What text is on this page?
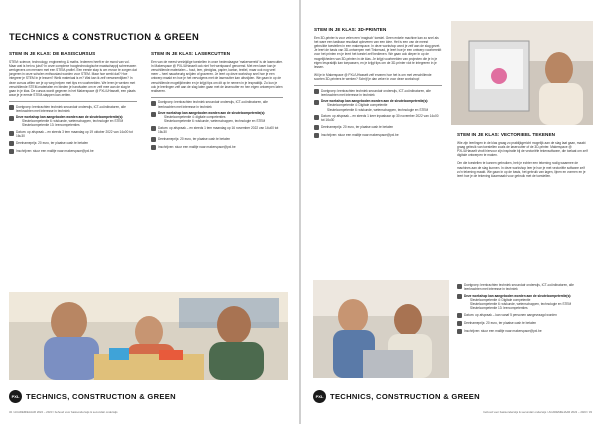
TECHNICS & CONSTRUCTION & GREEN
STEM IN JE KLAS: DE BASISCURSUS
STEM: science, technology, engineering & maths. Iedereen heeft er de mond van vol. Maar wat is het nu juist? In onze complexe hoogtechnologische maatschappij schreeuwen werkgevers om mensen met een STEM-profiel. Een eerste stap is om ervoor te zorgen dat jongeren in onze scholen enthousiast worden voor STEM. Maar hoe werkt dat? Hoe integreer je STEM in je lessen? Welk materiaal is er? Wat kan ik zelf verwezenlijken? In deze cursus willen we je op weg helpen met tips en voorbeelden. We leren je werken met verschillende STEM-materialen en bieden je handvaten om er zelf mee aan de slag te gaan in je klas. De cursus wordt gegeven in het Makerspace @ PXL/UHasselt, een plaats waar je je eerste STEM-stappen kan zetten.
Doelgroep: leerkrachten techniek secundair onderwijs, ICT-coördinatoren, alle leerkrachten met interesse in techniek
Deze workshop kan aangeboden worden aan de sleutelcompetentie(s):
Sleutelcompetentie 6: wiskunde, wetenschappen, technologie en STEM
Sleutelcompetentie 13: leercompetenties
Datum: op afspraak – en steeds 3 tem maandag op 19 oktober 2022 van 14u00 tot 16u30
Deelnameprijs: 20 euro, ter plaatse cash te betalen
Inschrijven: stuur een mailtje naar makerspace@pxl.be
STEM IN JE KLAS: LASERCUTTEN
Een van de meest veelzijdige toestellen in onze hedendaagse 'makerwereld' is de lasercutter. In Makerspace @ PXL/UHasselt ook niet 'het werkpaard' genoemd. Met een laser kan je verschillende materialen – hout, leer, plexiglas, papier, karton, textiel, maar ook nog veel meer – heel nauwkeurig snijden of graveren. Je leert op deze workshop snel hoe je een ontwerp maakt en hoe je het vervolgens met de lasercutter kan uitsnijden. We gaan in op de verschillende mogelijkheden en je krijgt tips om dit op te nemen in je lespraktijk. Zo kun je ook je leerlingen zelf aan de slag laten gaan met de lasercutter en hen eigen ontwerpen laten realiseren.
Doelgroep: leerkrachten techniek secundair onderwijs, ICT-coördinatoren, alle leerkrachten met interesse in techniek
Deze workshop kan aangeboden worden aan de sleutelcompetentie(s):
Sleutelcompetentie 4: digitale competenties
Sleutelcompetentie 6: wiskunde, wetenschappen, technologie en STEM
Datum: op afspraak – en steeds 1 tem maandag op 16 november 2022 van 14u00 tot 16u30
Deelnameprijs: 20 euro, ter plaatse cash te betalen
Inschrijven: stuur een mailtje naar makerspace@pxl.be
PXL TECHNICS, CONSTRUCTION & GREEN
32 / ACADEMIEJAAR 2022 – 2023 / behoud voor basisonderwijs & secundair onderwijs
STEM IN JE KLAS: 3D-PRINTEN
Een 3D-printer is voor velen een 'magisch' toestel. Geen enkele machine kan zo snel als het ware een tastbaar resultaat opleveren van een idee. Het is een van de meest gebruikte toestellen in een makerspace. In deze workshop word je zelf aan de slag gezet. Je leert de basis van 3D-ontwerpen met Tinkercad, je leert hoe je een ontwerp voorbereidt voor het printen en je leert het toestel zelf bedienen. We gaan ook dieper in op de mogelijkheden van 3D-printen in de klas. Je krijgt voorbeelden van projecten die je in je eigen lespraktijk kan toepassen, en je krijgt tips om de 3D-printer vlot te integreren in je lessen.
Wil je in Makerspace @ PXL/UHasselt zelf ervaren hoe het is om met verschillende soorten 3D-printers te werken? Schrijf je dan zeker in voor deze workshop!
Doelgroep: leerkrachten techniek secundair onderwijs, ICT-coördinatoren, alle leerkrachten met interesse in techniek
Deze workshop kan aangeboden worden aan de sleutelcompetentie(s):
Sleutelcompetentie 4: Digitale competentie
Sleutelcompetentie 6: wiskunde, wetenschappen, technologie en STEM
Datum: op afspraak – en steeds 1 keer inpasbaar op 30 november 2022 van 14u00 tot 16u30
Deelnameprijs: 20 euro, ter plaatse cash te betalen
Inschrijven: stuur een mailtje naar makerspace@pxl.be	STEM IN JE KLAS: VECTORIEEL TEKENEN
Wie zijn leerlingen in de klas graag zo praktijkgericht mogelijk aan de slag laat gaan, maakt graag gebruik van toestellen zoals de lasercutter of de 3D-printer. Makerspace @ PXL/UHasselt vindt hiervoor zijn inspiratie bij de vectoriële tekensoftware, die toelaat om zelf digitale ontwerpen te maken.
Om die toestellen te kunnen gebruiken, heb je echter een tekening nodig waarmee de machines aan de slag kunnen. In deze workshop leer je hoe je met vectoriële software zelf zo'n tekening maakt. We gaan in op de basis, het gebruik van lagen, lijnen en vormen en je leert hoe je de tekening klaarmaakt voor gebruik met de toestellen.
Doelgroep: leerkrachten techniek secundair onderwijs, ICT-coördinatoren, alle leerkrachten met interesse in techniek
Deze workshop kan aangeboden worden aan de sleutelcompetentie(s):
Sleutelcompetentie 4: Digitale competentie
Sleutelcompetentie 6: wiskunde, wetenschappen, technologie en STEM
Sleutelcompetentie 13: leercompetenties
Datum: op afspraak – kan vanaf 5 personen aangevraagd worden
Deelnameprijs: 20 euro, ter plaatse cash te betalen
Inschrijven: stuur een mailtje naar makerspace@pxl.be
PXL TECHNICS, CONSTRUCTION & GREEN
behoud voor basisonderwijs & secundair onderwijs / ACADEMIEJAAR 2022 – 2023 / 33
